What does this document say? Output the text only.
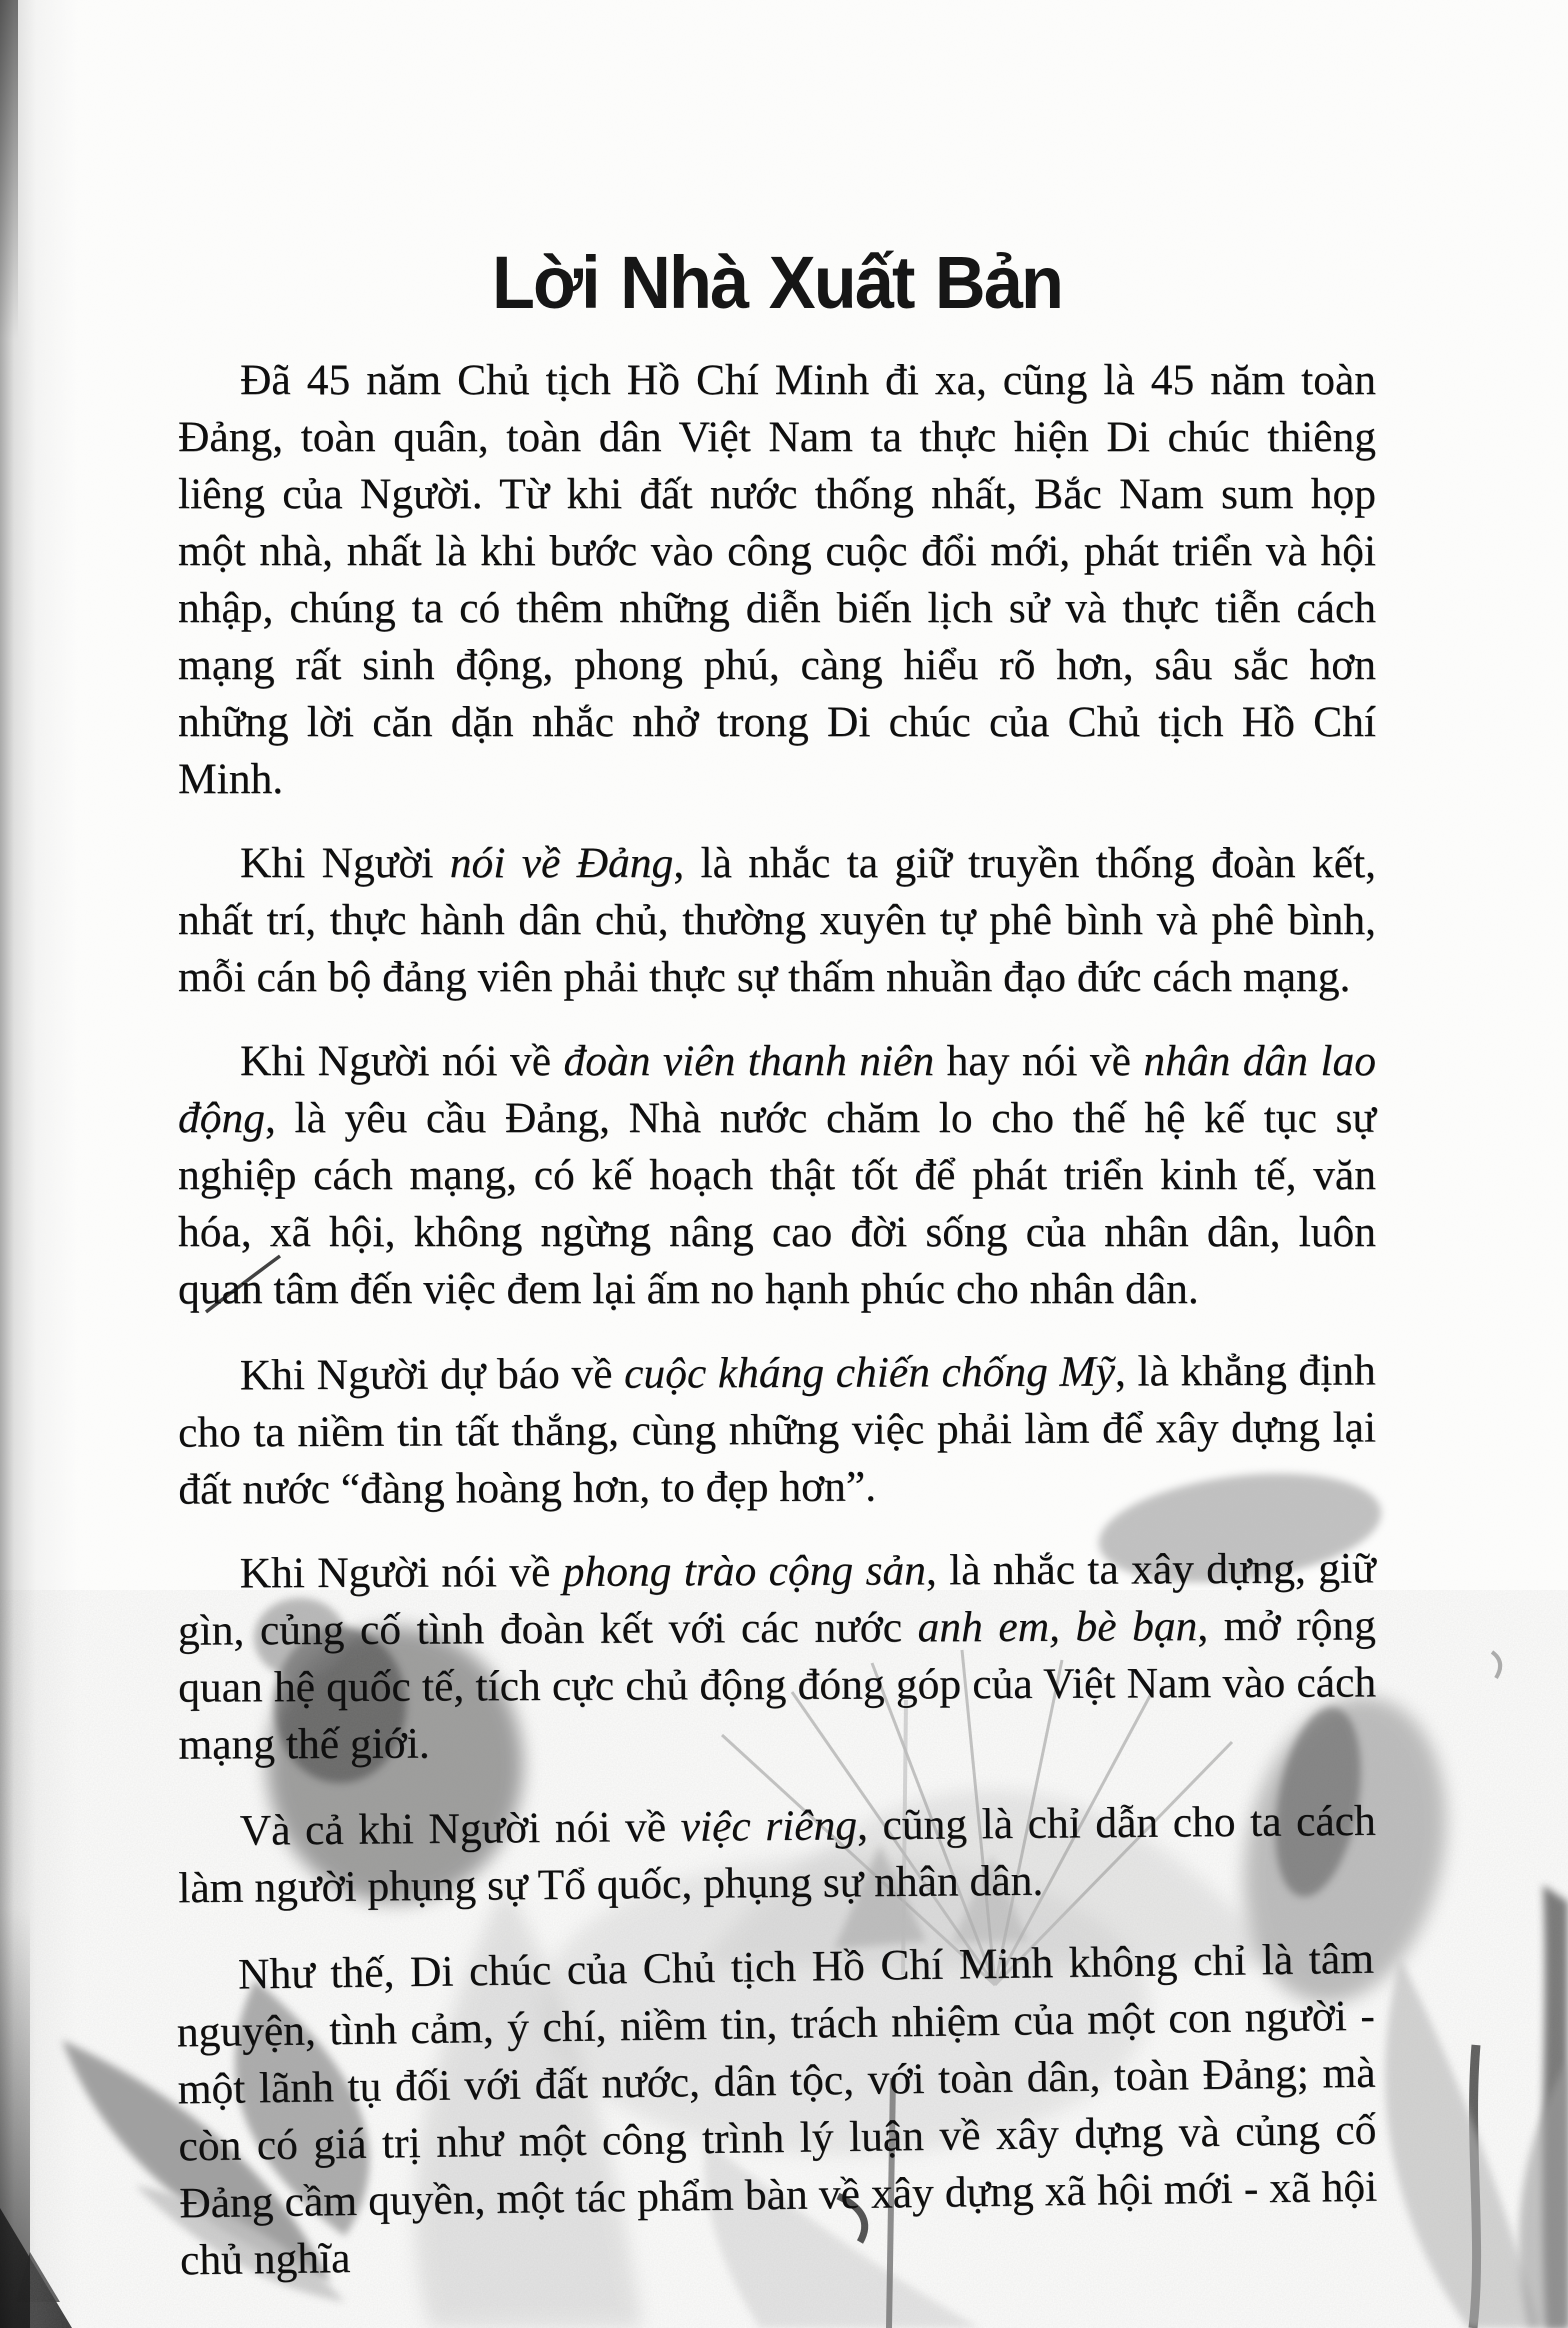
Lời Nhà Xuất Bản

Đã 45 năm Chủ tịch Hồ Chí Minh đi xa, cũng là 45 năm toàn Đảng, toàn quân, toàn dân Việt Nam ta thực hiện Di chúc thiêng liêng của Người. Từ khi đất nước thống nhất, Bắc Nam sum họp một nhà, nhất là khi bước vào công cuộc đổi mới, phát triển và hội nhập, chúng ta có thêm những diễn biến lịch sử và thực tiễn cách mạng rất sinh động, phong phú, càng hiểu rõ hơn, sâu sắc hơn những lời căn dặn nhắc nhở trong Di chúc của Chủ tịch Hồ Chí Minh.

Khi Người nói về Đảng, là nhắc ta giữ truyền thống đoàn kết, nhất trí, thực hành dân chủ, thường xuyên tự phê bình và phê bình, mỗi cán bộ đảng viên phải thực sự thấm nhuần đạo đức cách mạng.

Khi Người nói về đoàn viên thanh niên hay nói về nhân dân lao động, là yêu cầu Đảng, Nhà nước chăm lo cho thế hệ kế tục sự nghiệp cách mạng, có kế hoạch thật tốt để phát triển kinh tế, văn hóa, xã hội, không ngừng nâng cao đời sống của nhân dân, luôn quan tâm đến việc đem lại ấm no hạnh phúc cho nhân dân.

Khi Người dự báo về cuộc kháng chiến chống Mỹ, là khẳng định cho ta niềm tin tất thắng, cùng những việc phải làm để xây dựng lại đất nước “đàng hoàng hơn, to đẹp hơn”.

Khi Người nói về phong trào cộng sản, là nhắc ta xây dựng, giữ gìn, củng cố tình đoàn kết với các nước anh em, bè bạn, mở rộng quan hệ quốc tế, tích cực chủ động đóng góp của Việt Nam vào cách mạng thế giới.

Và cả khi Người nói về việc riêng, cũng là chỉ dẫn cho ta cách làm người phụng sự Tổ quốc, phụng sự nhân dân.

Như thế, Di chúc của Chủ tịch Hồ Chí Minh không chỉ là tâm nguyện, tình cảm, ý chí, niềm tin, trách nhiệm của một con người - một lãnh tụ đối với đất nước, dân tộc, với toàn dân, toàn Đảng; mà còn có giá trị như một công trình lý luận về xây dựng và củng cố Đảng cầm quyền, một tác phẩm bàn về xây dựng xã hội mới - xã hội chủ nghĩa
